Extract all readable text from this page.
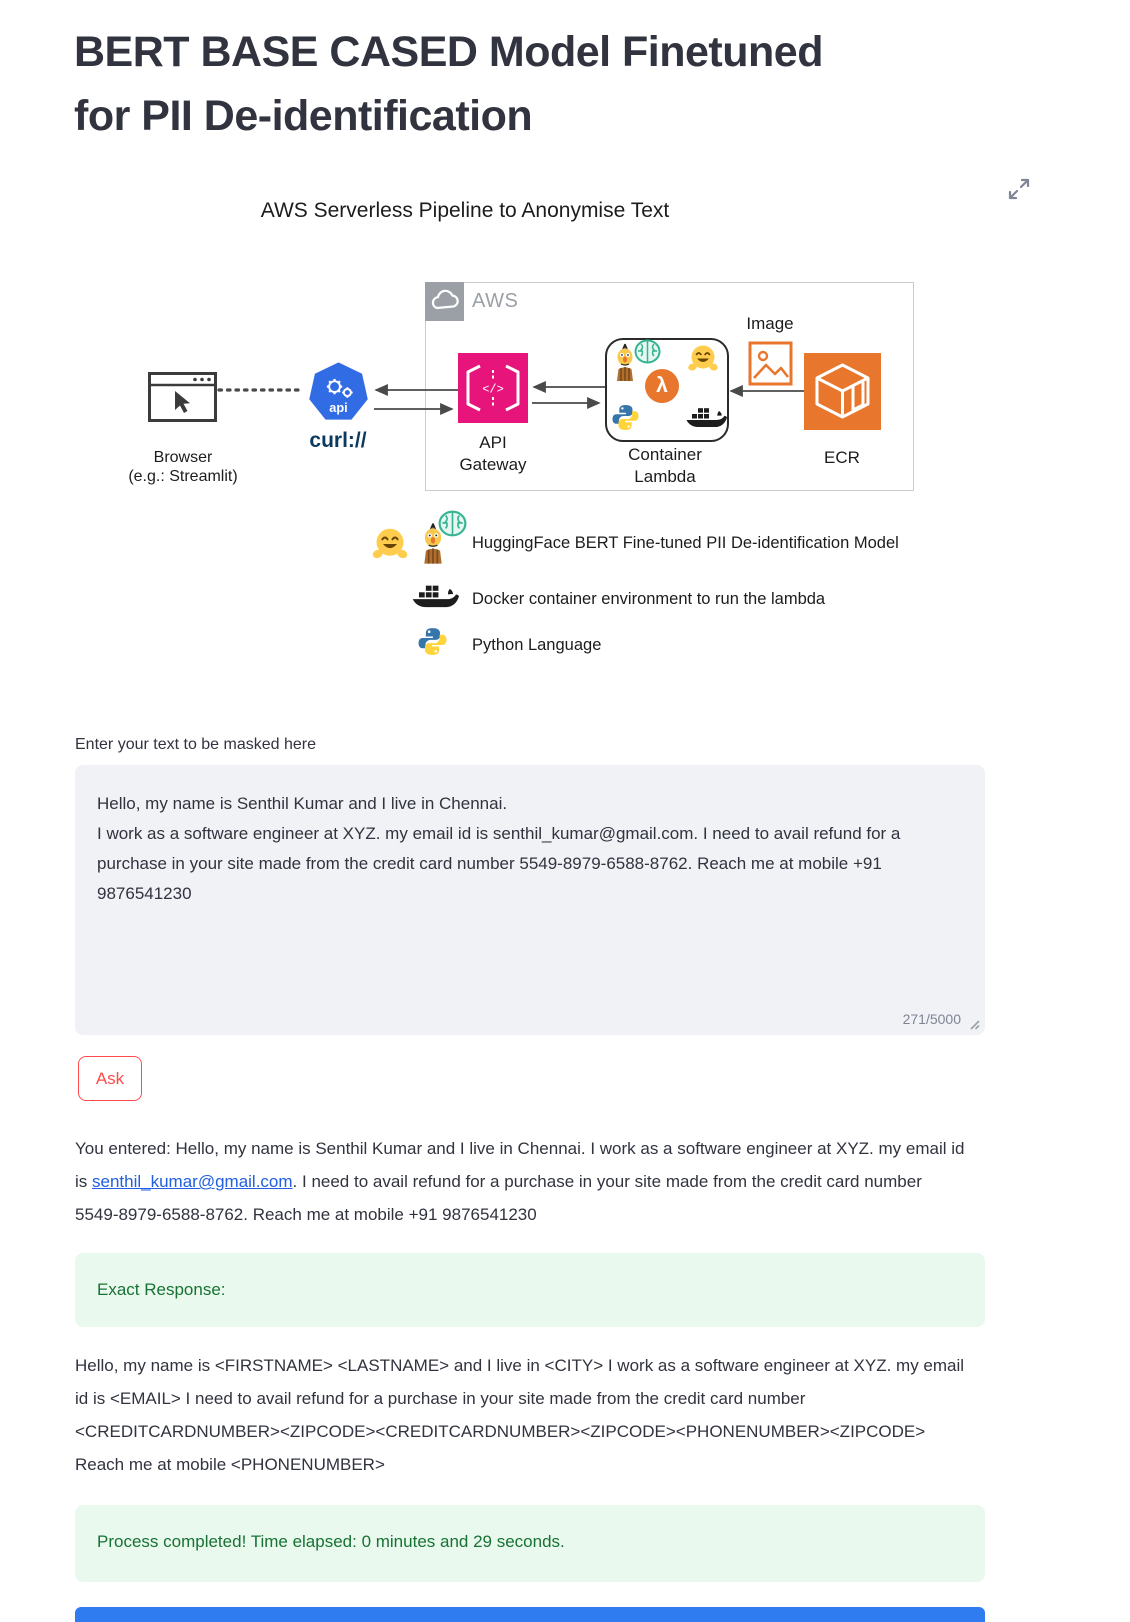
BERT BASE CASED Model Finetuned
for PII De-identification
AWS Serverless Pipeline to Anonymise Text
AWS
Browser
(e.g.: Streamlit)
api
curl://
</>
API
Gateway
λ
Container
Lambda
Image
ECR
HuggingFace BERT Fine-tuned PII De-identification Model
Docker container environment to run the lambda
Python Language
Enter your text to be masked here
Hello, my name is Senthil Kumar and I live in Chennai. I work as a software engineer at XYZ. my email id is senthil_kumar@gmail.com. I need to avail refund for a purchase in your site made from the credit card number 5549-8979-6588-8762. Reach me at mobile +91 9876541230
271/5000
Ask
You entered: Hello, my name is Senthil Kumar and I live in Chennai. I work as a software engineer at XYZ. my email id is senthil_kumar@gmail.com. I need to avail refund for a purchase in your site made from the credit card number 5549-8979-6588-8762. Reach me at mobile +91 9876541230
Exact Response:
Hello, my name is <FIRSTNAME> <LASTNAME> and I live in <CITY> I work as a software engineer at XYZ. my email id is <EMAIL> I need to avail refund for a purchase in your site made from the credit card number <CREDITCARDNUMBER><ZIPCODE><CREDITCARDNUMBER><ZIPCODE><PHONENUMBER><ZIPCODE> Reach me at mobile <PHONENUMBER>
Process completed! Time elapsed: 0 minutes and 29 seconds.
